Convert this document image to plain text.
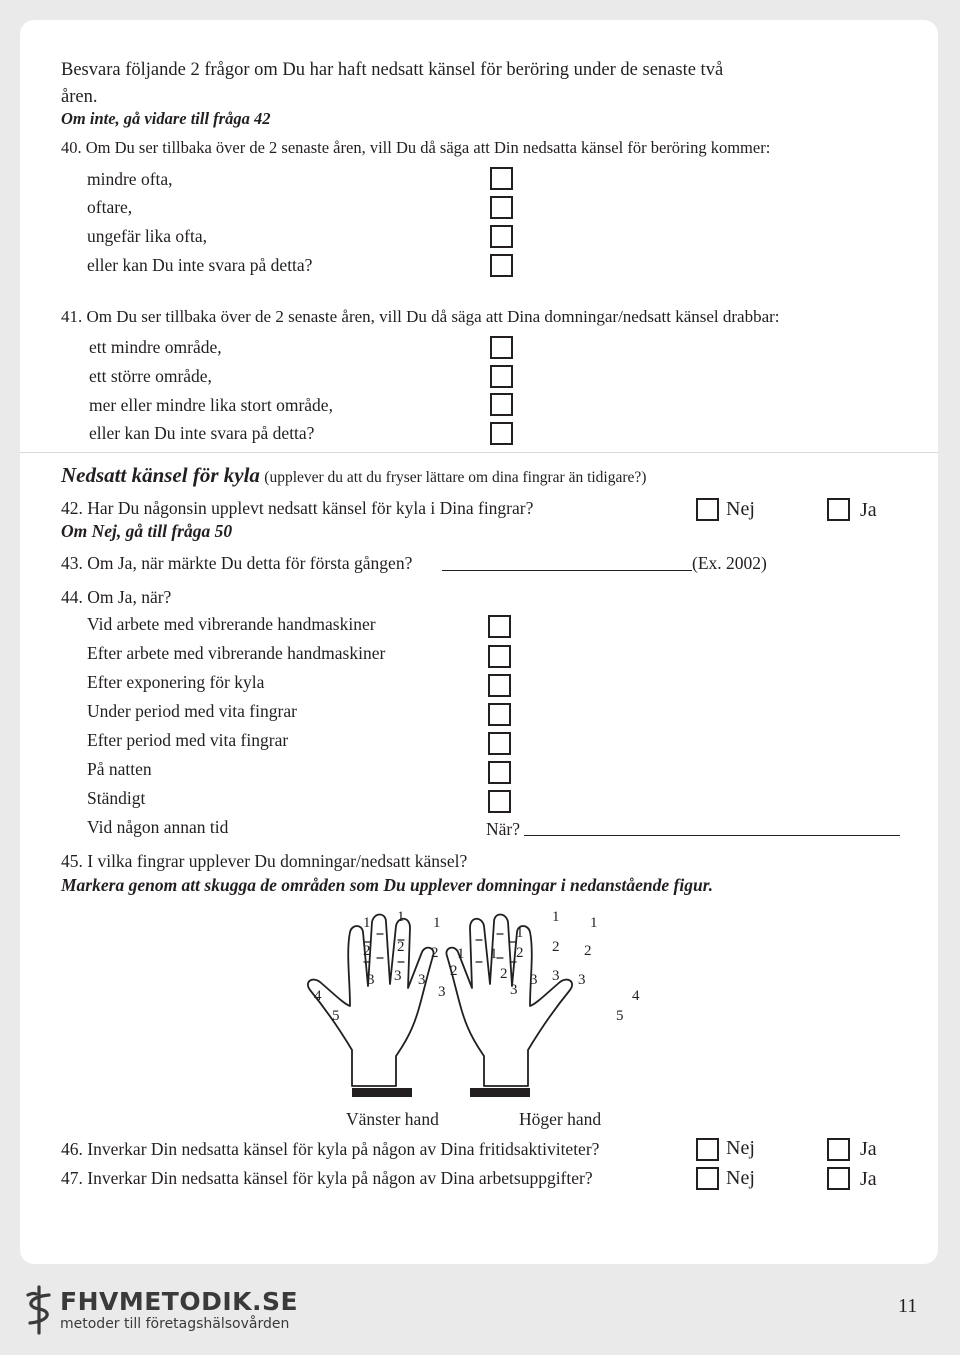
Besvara följande 2 frågor om Du har haft nedsatt känsel för beröring under de senaste två
åren.
Om inte, gå vidare till fråga 42
40. Om Du ser tillbaka över de 2 senaste åren, vill Du då säga att Din nedsatta känsel för beröring kommer:
mindre ofta,
oftare,
ungefär lika ofta,
eller kan Du inte svara på detta?
41. Om Du ser tillbaka över de 2 senaste åren, vill Du då säga att Dina domningar/nedsatt känsel drabbar:
ett mindre område,
ett större område,
mer eller mindre lika stort område,
eller kan Du inte svara på detta?
Nedsatt känsel för kyla (upplever du att du fryser lättare om dina fingrar än tidigare?)
42. Har Du någonsin upplevt nedsatt känsel för kyla i Dina fingrar?
Om Nej, gå till fråga 50
Nej	Ja
43. Om Ja, när märkte Du detta för första gången?	(Ex. 2002)
44. Om Ja, när?
Vid arbete med vibrerande handmaskiner
Efter arbete med vibrerande handmaskiner
Efter exponering för kyla
Under period med vita fingrar
Efter period med vita fingrar
På natten
Ständigt
Vid någon annan tid	När?
45. I vilka fingrar upplever Du domningar/nedsatt känsel?
Markera genom att skugga de områden som Du upplever domningar i nedanstående figur.
1 1 1
1
2 2 2
2
3 3 3
3
4
5
1
1
1 1
2
2 2 2
3
3 3 3
4
5
Vänster hand	Höger hand
46. Inverkar Din nedsatta känsel för kyla på någon av Dina fritidsaktiviteter?	Nej	Ja
47. Inverkar Din nedsatta känsel för kyla på någon av Dina arbetsuppgifter?	Nej	Ja
FHVMETODIK.SE
metoder till företagshälsovården
11
